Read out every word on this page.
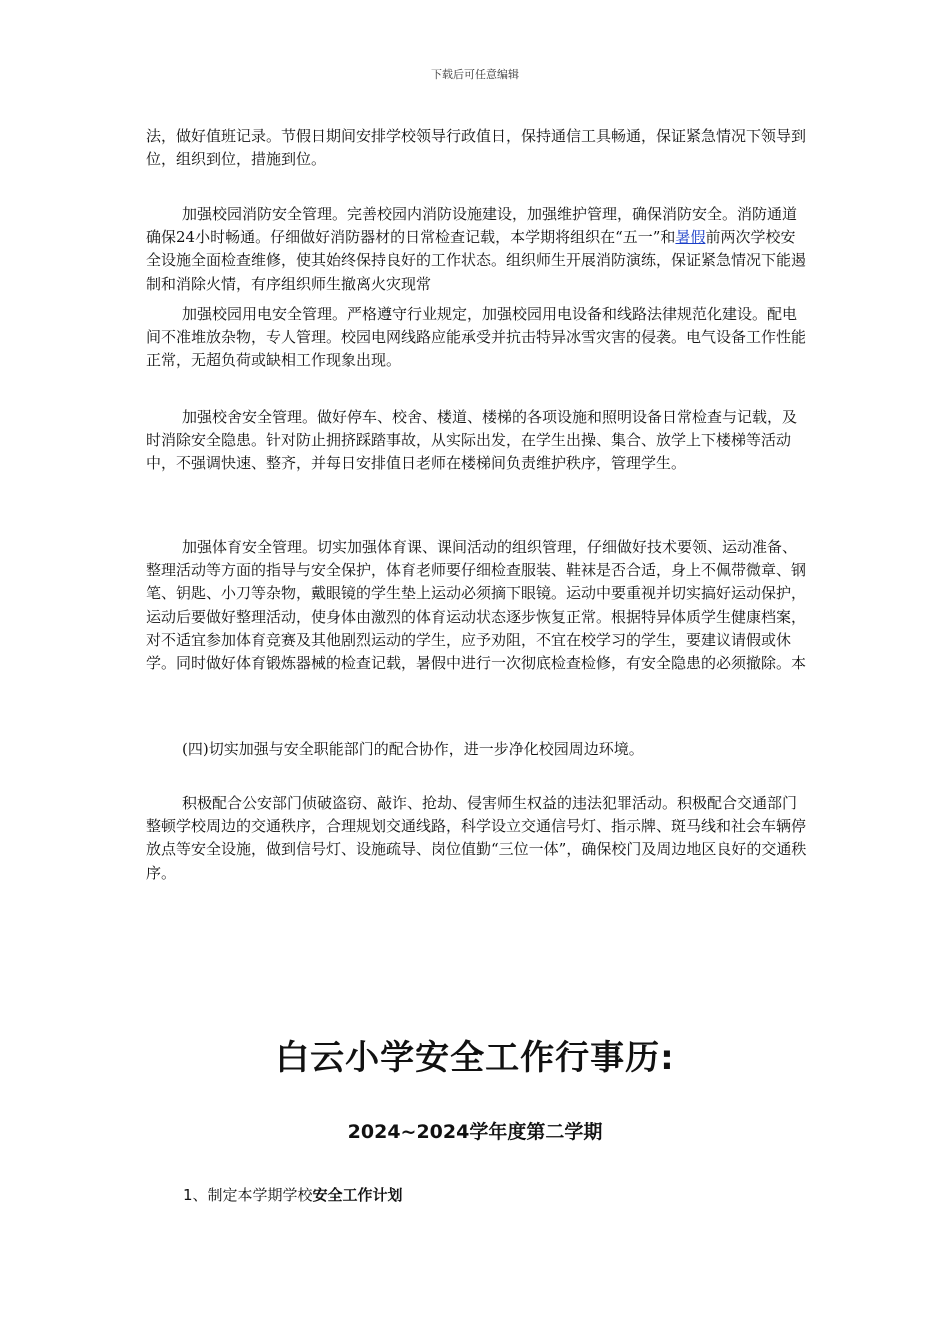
下载后可任意编辑

法，做好值班记录。节假日期间安排学校领导行政值日，保持通信工具畅通，保证紧急情况下领导到位，组织到位，措施到位。

加强校园消防安全管理。完善校园内消防设施建设，加强维护管理，确保消防安全。消防通道确保24小时畅通。仔细做好消防器材的日常检查记载，本学期将组织在“五一”和暑假前两次学校安全设施全面检查维修，使其始终保持良好的工作状态。组织师生开展消防演练，保证紧急情况下能遏制和消除火情，有序组织师生撤离火灾现常

加强校园用电安全管理。严格遵守行业规定，加强校园用电设备和线路法律规范化建设。配电间不准堆放杂物，专人管理。校园电网线路应能承受并抗击特异冰雪灾害的侵袭。电气设备工作性能正常，无超负荷或缺相工作现象出现。

加强校舍安全管理。做好停车、校舍、楼道、楼梯的各项设施和照明设备日常检查与记载，及时消除安全隐患。针对防止拥挤踩踏事故，从实际出发，在学生出操、集合、放学上下楼梯等活动中，不强调快速、整齐，并每日安排值日老师在楼梯间负责维护秩序，管理学生。

加强体育安全管理。切实加强体育课、课间活动的组织管理，仔细做好技术要领、运动准备、整理活动等方面的指导与安全保护，体育老师要仔细检查服装、鞋袜是否合适，身上不佩带微章、钢笔、钥匙、小刀等杂物，戴眼镜的学生垫上运动必须摘下眼镜。运动中要重视并切实搞好运动保护，运动后要做好整理活动，使身体由激烈的体育运动状态逐步恢复正常。根据特异体质学生健康档案，对不适宜参加体育竞赛及其他剧烈运动的学生，应予劝阻，不宜在校学习的学生，要建议请假或休学。同时做好体育锻炼器械的检查记载，暑假中进行一次彻底检查检修，有安全隐患的必须撤除。本

(四)切实加强与安全职能部门的配合协作，进一步净化校园周边环境。

积极配合公安部门侦破盗窃、敲诈、抢劫、侵害师生权益的违法犯罪活动。积极配合交通部门整顿学校周边的交通秩序，合理规划交通线路，科学设立交通信号灯、指示牌、斑马线和社会车辆停放点等安全设施，做到信号灯、设施疏导、岗位值勤“三位一体”，确保校门及周边地区良好的交通秩序。

白云小学安全工作行事历:
2024~2024学年度第二学期
1、制定本学期学校安全工作计划
